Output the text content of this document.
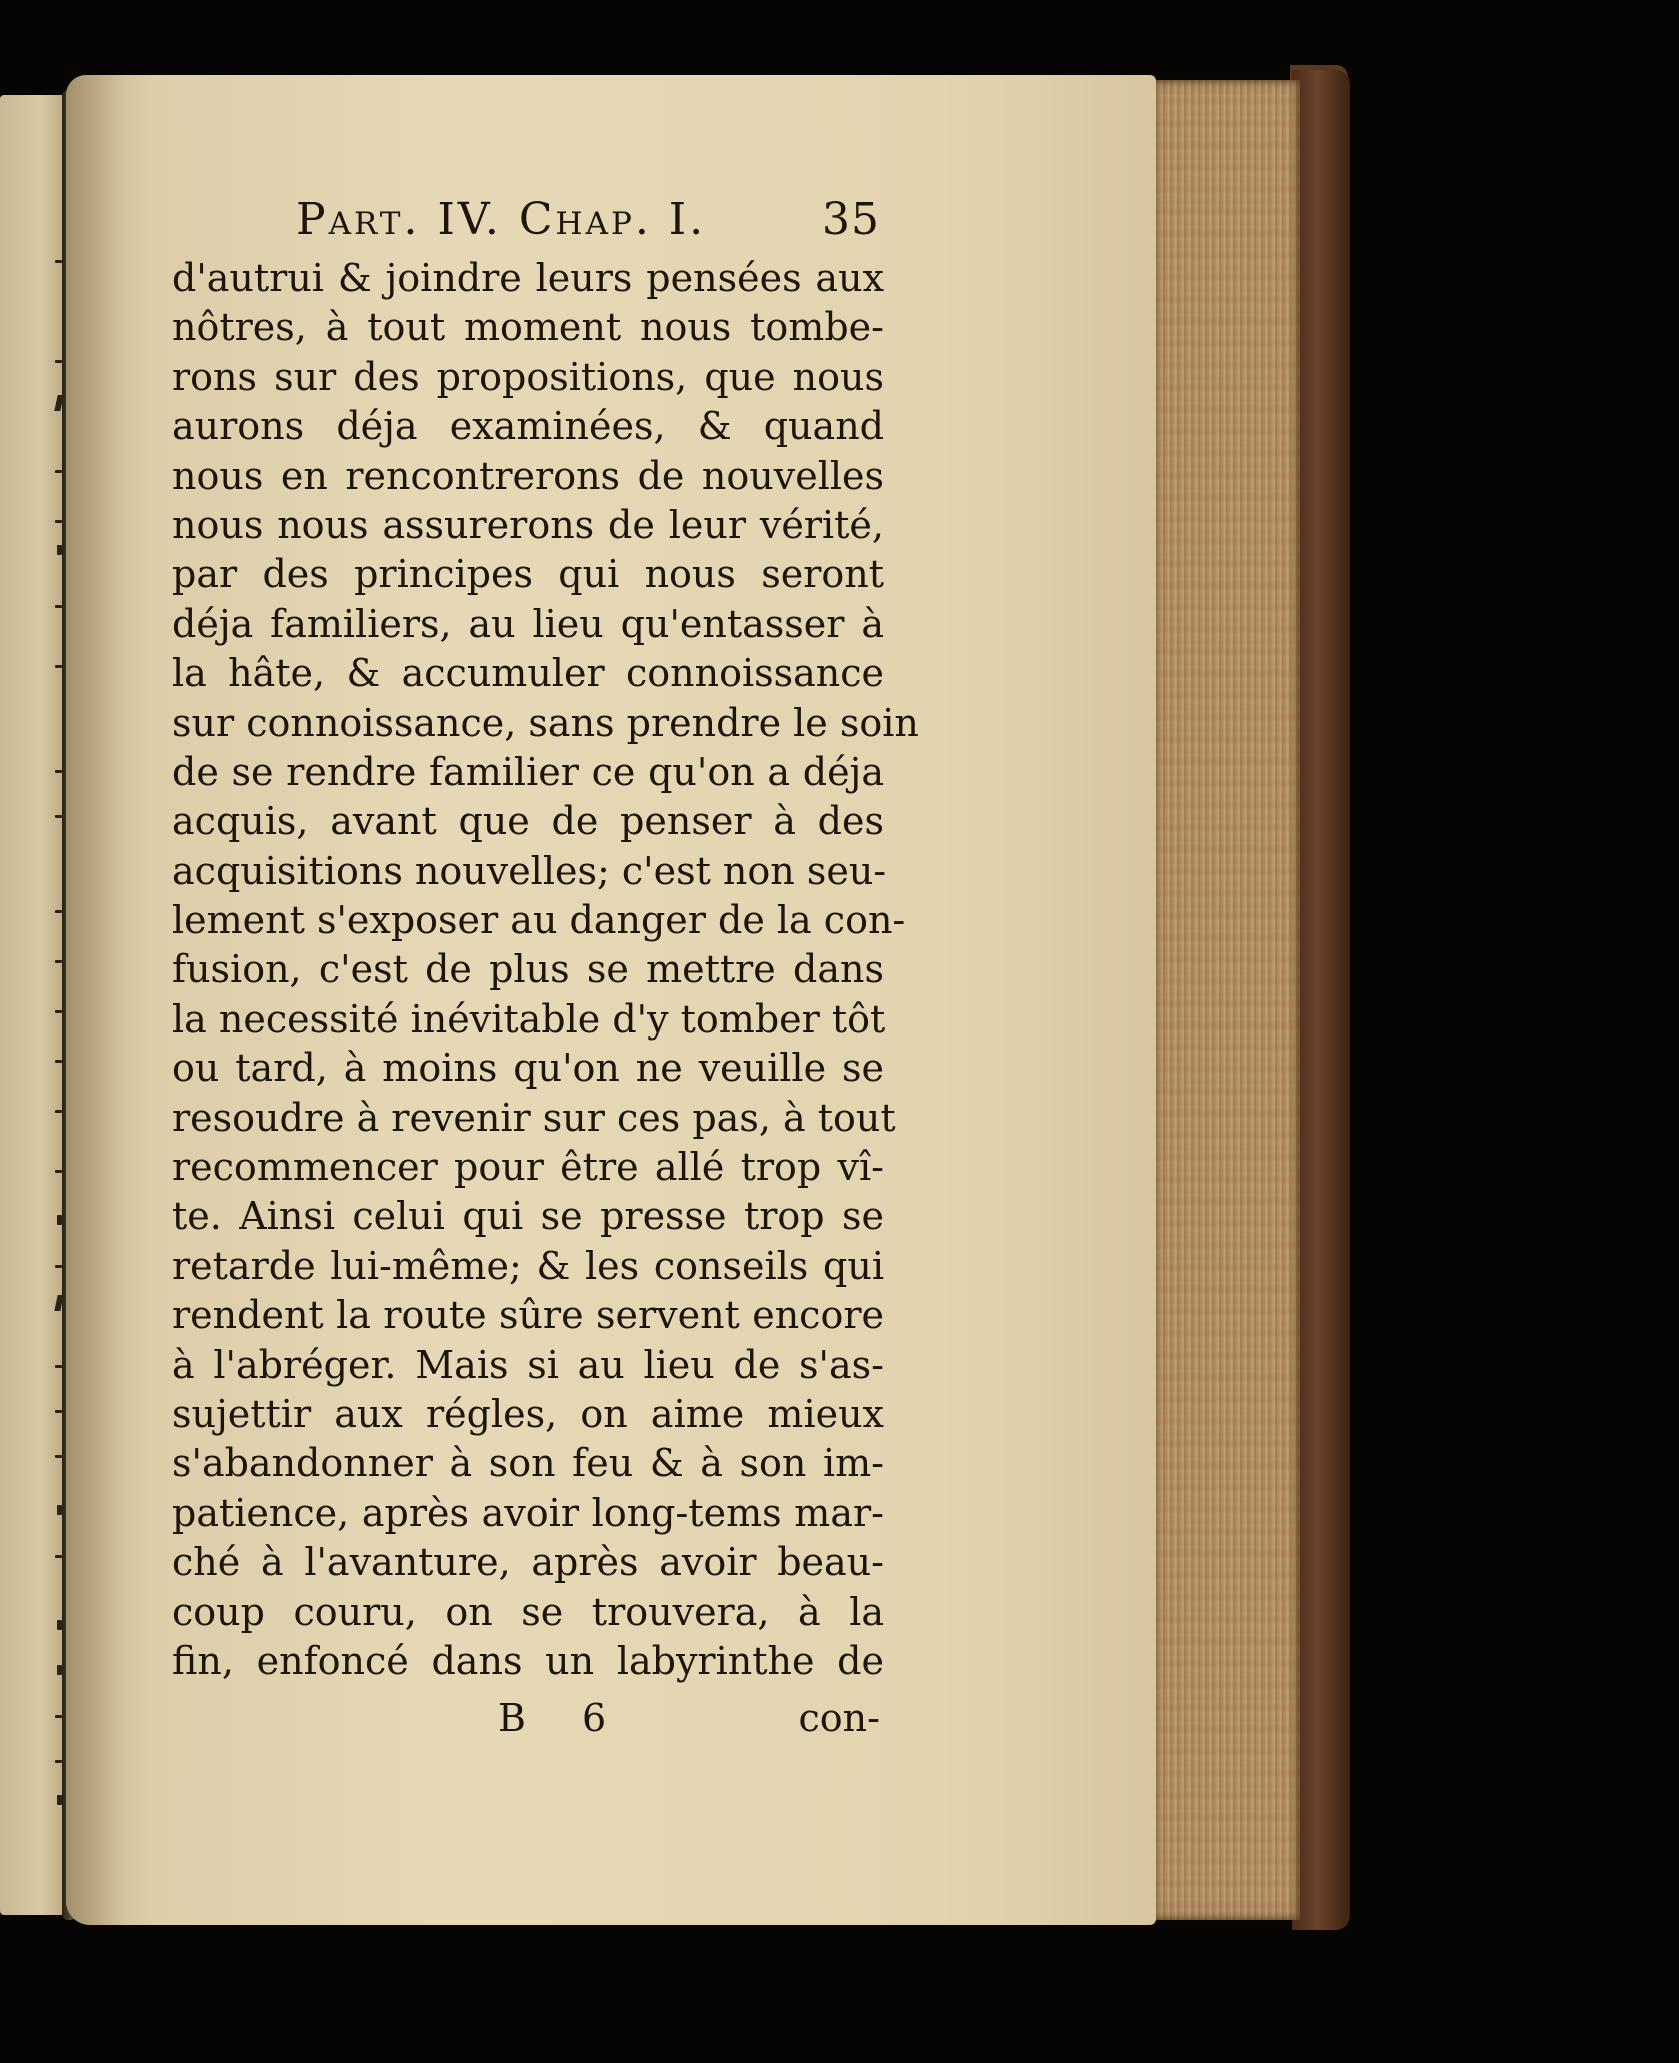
Part. IV. Chap. I.	35
d'autrui & joindre leurs pensées aux
nôtres, à tout moment nous tombe-
rons sur des propositions, que nous
aurons déja examinées, & quand
nous en rencontrerons de nouvelles
nous nous assurerons de leur vérité,
par des principes qui nous seront
déja familiers, au lieu qu'entasser à
la hâte, & accumuler connoissance
sur connoissance, sans prendre le soin
de se rendre familier ce qu'on a déja
acquis, avant que de penser à des
acquisitions nouvelles; c'est non seu-
lement s'exposer au danger de la con-
fusion, c'est de plus se mettre dans
la necessité inévitable d'y tomber tôt
ou tard, à moins qu'on ne veuille se
resoudre à revenir sur ces pas, à tout
recommencer pour être allé trop vî-
te. Ainsi celui qui se presse trop se
retarde lui-même; & les conseils qui
rendent la route sûre servent encore
à l'abréger. Mais si au lieu de s'as-
sujettir aux régles, on aime mieux
s'abandonner à son feu & à son im-
patience, après avoir long-tems mar-
ché à l'avanture, après avoir beau-
coup couru, on se trouvera, à la
fin, enfoncé dans un labyrinthe de
B 6	con-
